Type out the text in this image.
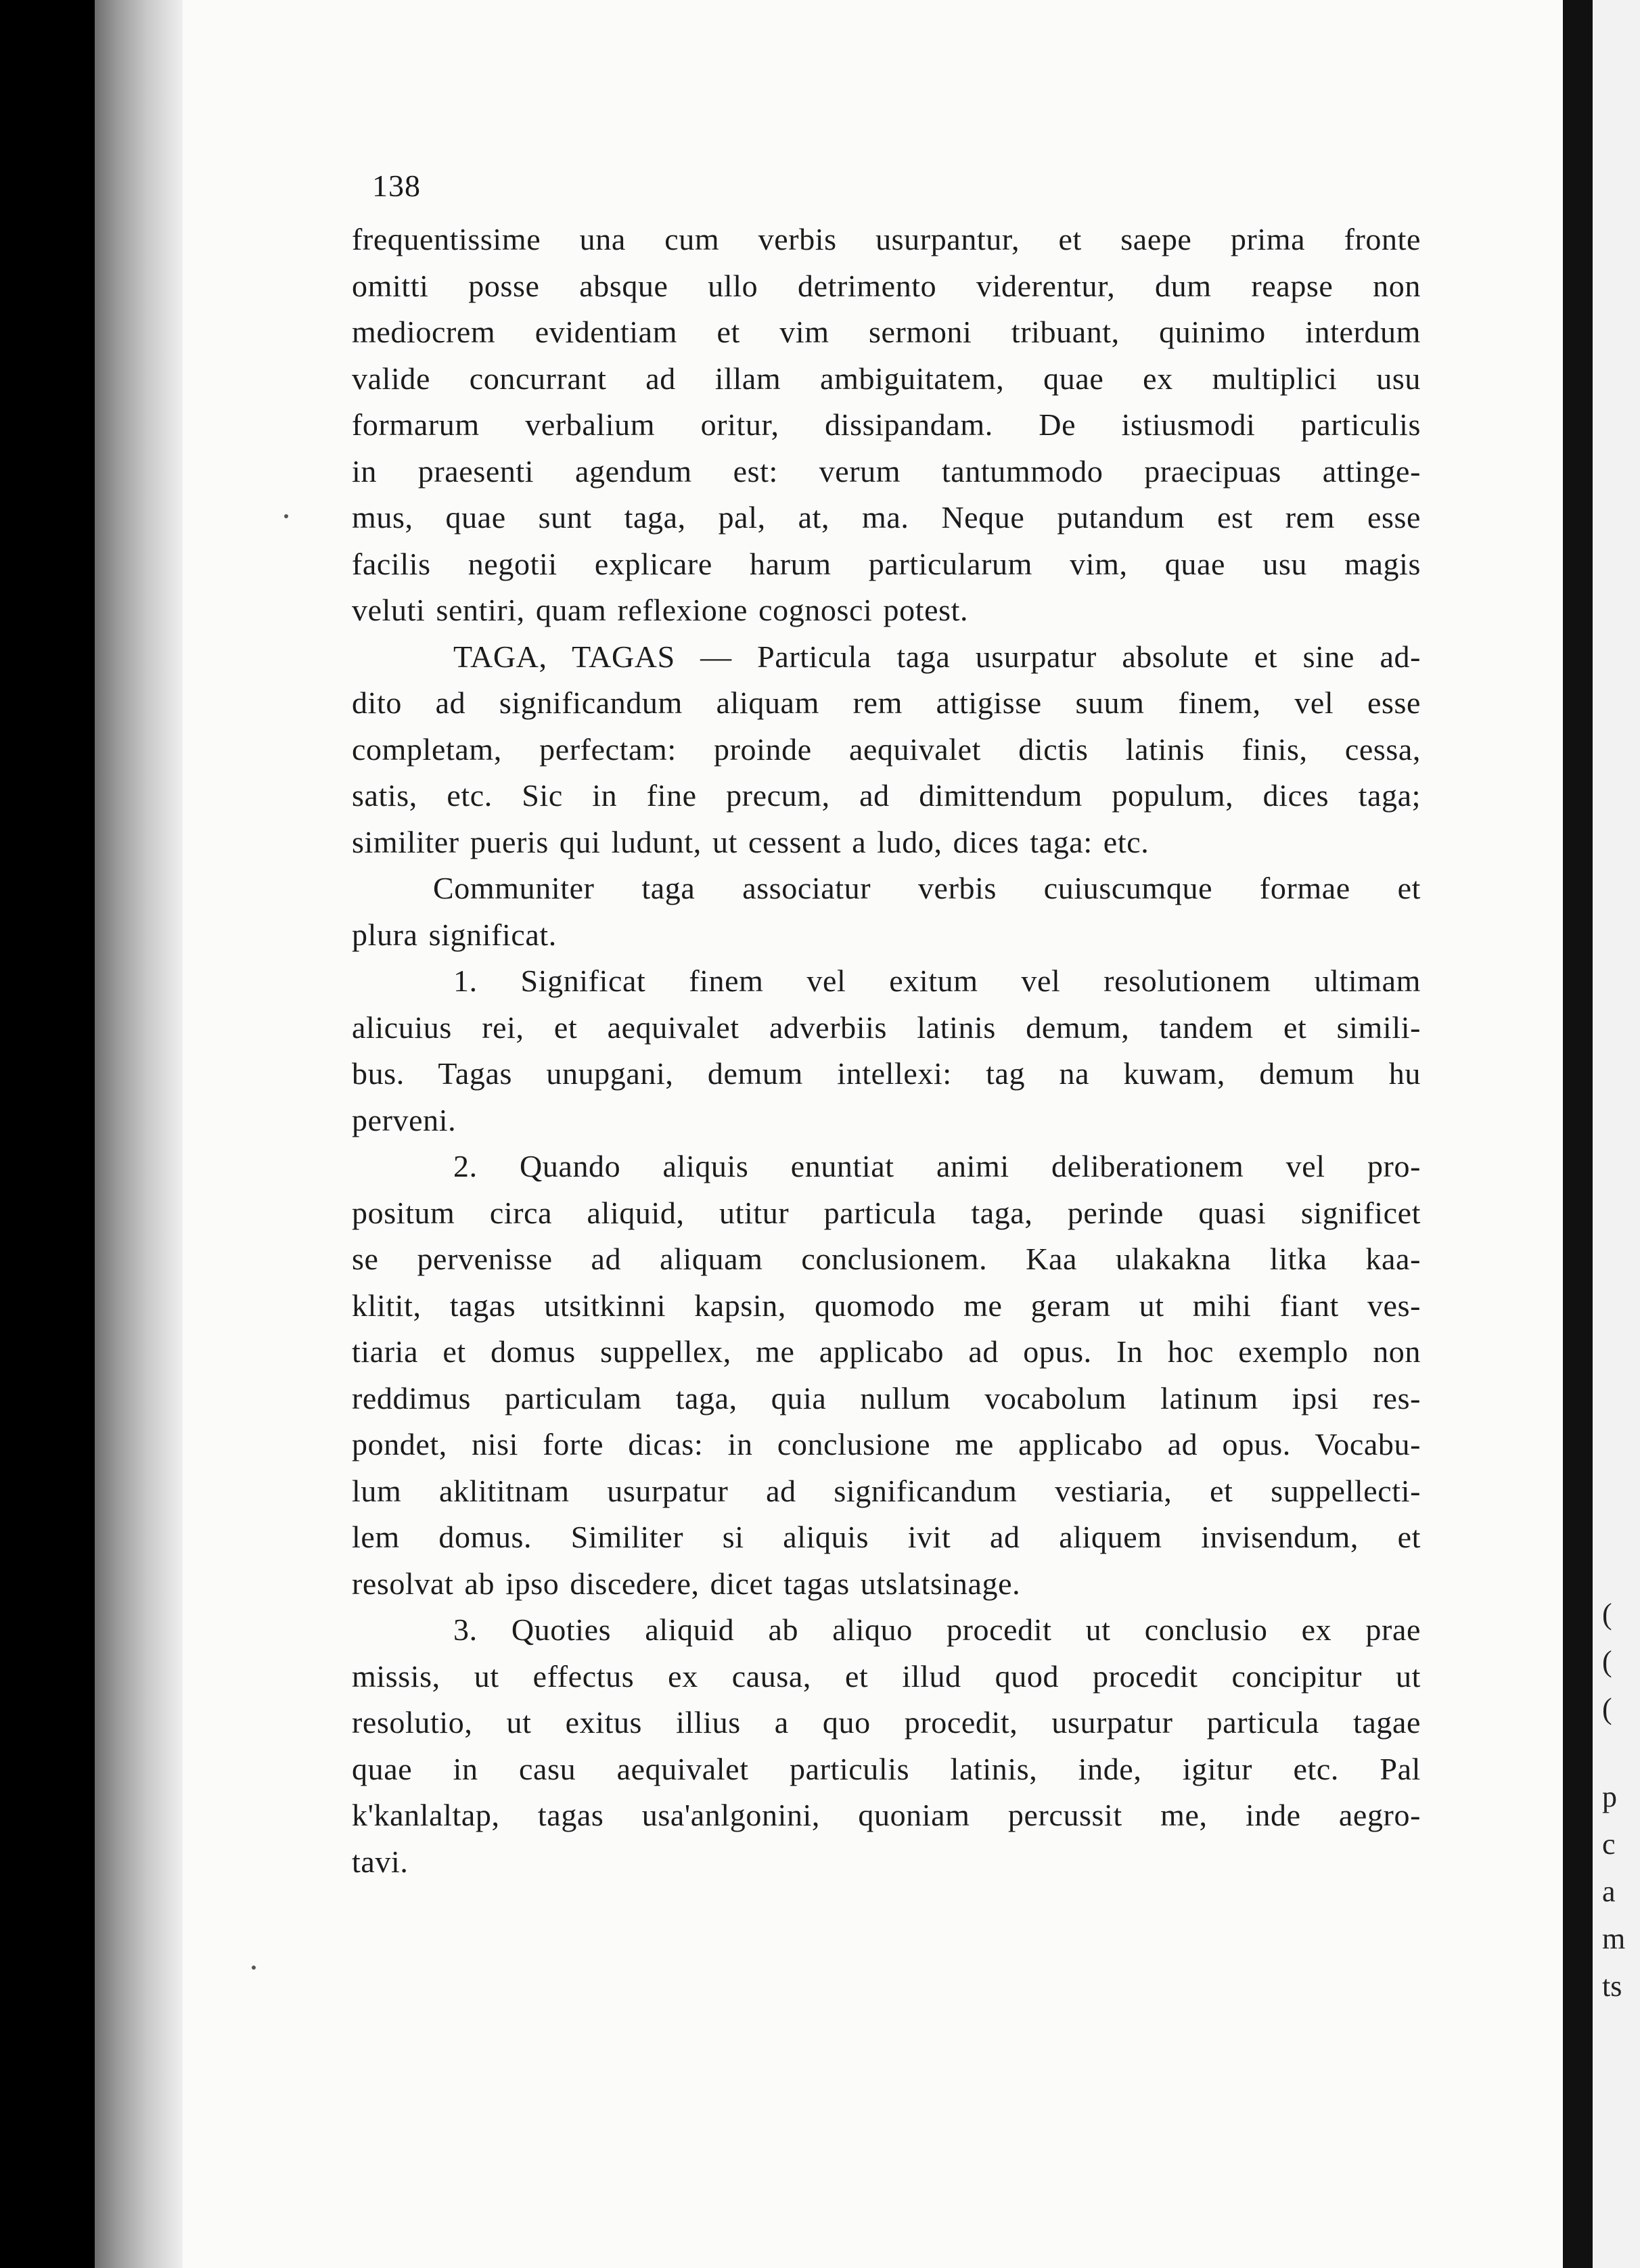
(
(
(
p
c
a
m
ts
138
frequentissime una cum verbis usurpantur, et saepe prima fronte
omitti posse absque ullo detrimento viderentur, dum reapse non
mediocrem evidentiam et vim sermoni tribuant, quinimo interdum
valide concurrant ad illam ambiguitatem, quae ex multiplici usu
formarum verbalium oritur, dissipandam. De istiusmodi particulis
in praesenti agendum est: verum tantummodo praecipuas attinge-
mus, quae sunt taga, pal, at, ma. Neque putandum est rem esse
facilis negotii explicare harum particularum vim, quae usu magis
veluti sentiri, quam reflexione cognosci potest.
TAGA, TAGAS — Particula taga usurpatur absolute et sine ad-
dito ad significandum aliquam rem attigisse suum finem, vel esse
completam, perfectam: proinde aequivalet dictis latinis finis, cessa,
satis, etc. Sic in fine precum, ad dimittendum populum, dices taga;
similiter pueris qui ludunt, ut cessent a ludo, dices taga: etc.
Communiter taga associatur verbis cuiuscumque formae et
plura significat.
1. Significat finem vel exitum vel resolutionem ultimam
alicuius rei, et aequivalet adverbiis latinis demum, tandem et simili-
bus. Tagas unupgani, demum intellexi: tag na kuwam, demum hu
perveni.
2. Quando aliquis enuntiat animi deliberationem vel pro-
positum circa aliquid, utitur particula taga, perinde quasi significet
se pervenisse ad aliquam conclusionem. Kaa ulakakna litka kaa-
klitit, tagas utsitkinni kapsin, quomodo me geram ut mihi fiant ves-
tiaria et domus suppellex, me applicabo ad opus. In hoc exemplo non
reddimus particulam taga, quia nullum vocabolum latinum ipsi res-
pondet, nisi forte dicas: in conclusione me applicabo ad opus. Vocabu-
lum aklititnam usurpatur ad significandum vestiaria, et suppellecti-
lem domus. Similiter si aliquis ivit ad aliquem invisendum, et
resolvat ab ipso discedere, dicet tagas utslatsinage.
3. Quoties aliquid ab aliquo procedit ut conclusio ex prae
missis, ut effectus ex causa, et illud quod procedit concipitur ut
resolutio, ut exitus illius a quo procedit, usurpatur particula tagae
quae in casu aequivalet particulis latinis, inde, igitur etc. Pal
k'kanlaltap, tagas usa'anlgonini, quoniam percussit me, inde aegro-
tavi.
